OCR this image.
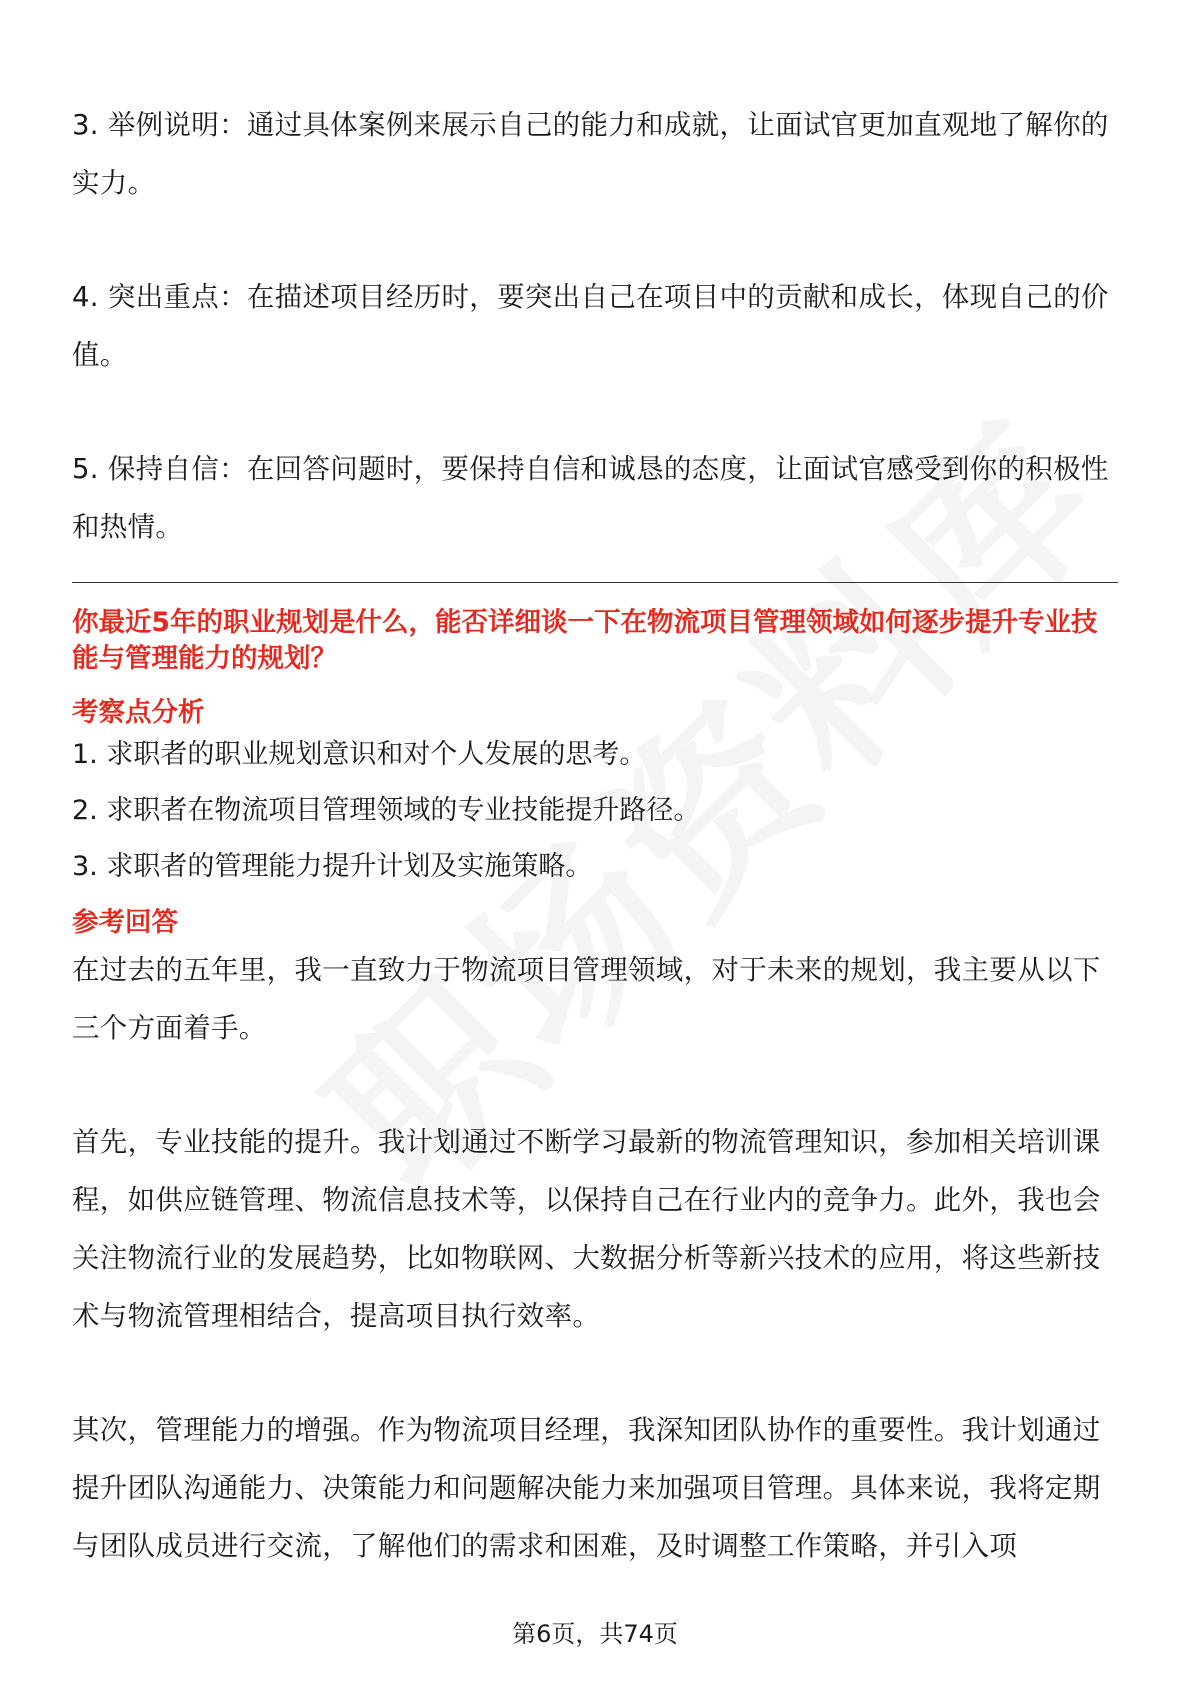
3. 举例说明：通过具体案例来展示自己的能力和成就，让面试官更加直观地了解你的实力。

4. 突出重点：在描述项目经历时，要突出自己在项目中的贡献和成长，体现自己的价值。

5. 保持自信：在回答问题时，要保持自信和诚恳的态度，让面试官感受到你的积极性和热情。

你最近5年的职业规划是什么，能否详细谈一下在物流项目管理领域如何逐步提升专业技能与管理能力的规划？

考察点分析

1. 求职者的职业规划意识和对个人发展的思考。

2. 求职者在物流项目管理领域的专业技能提升路径。

3. 求职者的管理能力提升计划及实施策略。

参考回答

在过去的五年里，我一直致力于物流项目管理领域，对于未来的规划，我主要从以下三个方面着手。

首先，专业技能的提升。我计划通过不断学习最新的物流管理知识，参加相关培训课程，如供应链管理、物流信息技术等，以保持自己在行业内的竞争力。此外，我也会关注物流行业的发展趋势，比如物联网、大数据分析等新兴技术的应用，将这些新技术与物流管理相结合，提高项目执行效率。

其次，管理能力的增强。作为物流项目经理，我深知团队协作的重要性。我计划通过提升团队沟通能力、决策能力和问题解决能力来加强项目管理。具体来说，我将定期与团队成员进行交流，了解他们的需求和困难，及时调整工作策略，并引入项

第6页，共74页
